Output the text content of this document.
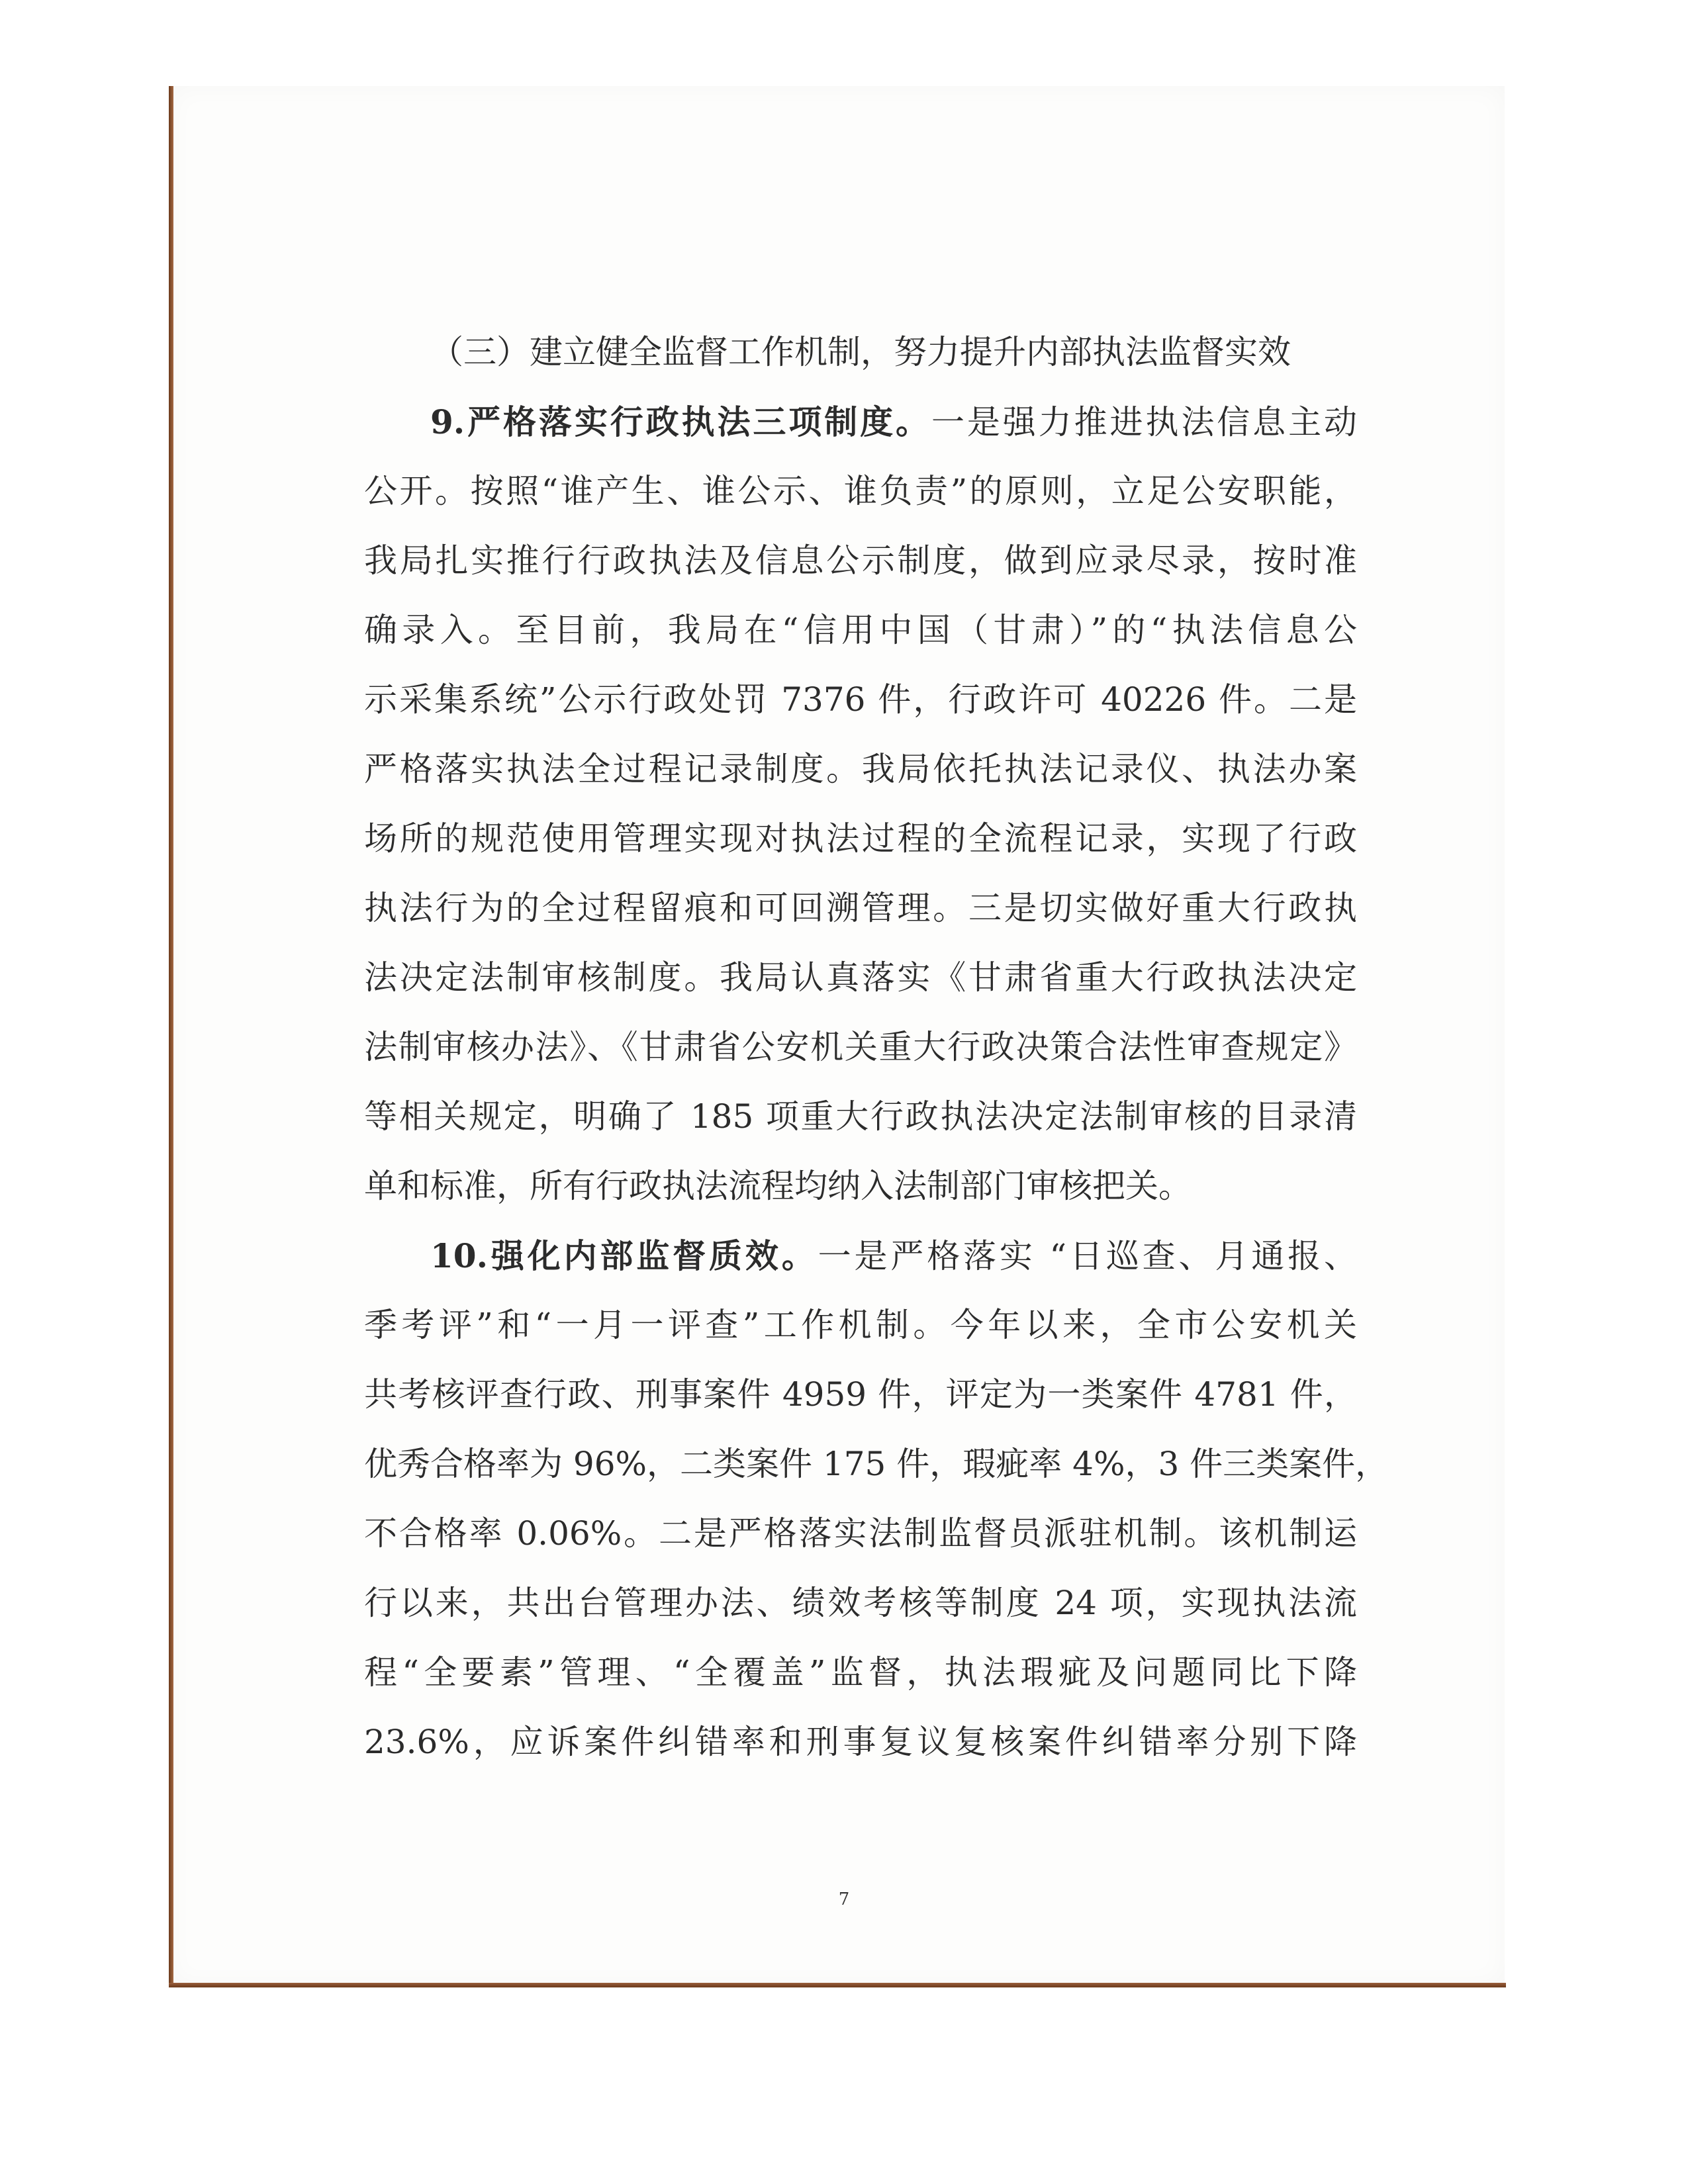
（三）建立健全监督工作机制，努力提升内部执法监督实效
9.严格落实行政执法三项制度。一是强力推进执法信息主动
公开。按照“谁产生、谁公示、谁负责”的原则，立足公安职能，
我局扎实推行行政执法及信息公示制度，做到应录尽录，按时准
确录入。至目前，我局在“信用中国（甘肃）”的“执法信息公
示采集系统”公示行政处罚 7376 件，行政许可 40226 件。二是
严格落实执法全过程记录制度。我局依托执法记录仪、执法办案
场所的规范使用管理实现对执法过程的全流程记录，实现了行政
执法行为的全过程留痕和可回溯管理。三是切实做好重大行政执
法决定法制审核制度。我局认真落实《甘肃省重大行政执法决定
法制审核办法》、《甘肃省公安机关重大行政决策合法性审查规定》
等相关规定，明确了 185 项重大行政执法决定法制审核的目录清
单和标准，所有行政执法流程均纳入法制部门审核把关。
10.强化内部监督质效。一是严格落实 “日巡查、月通报、
季考评”和“一月一评查”工作机制。今年以来，全市公安机关
共考核评查行政、刑事案件 4959 件，评定为一类案件 4781 件，
优秀合格率为 96%，二类案件 175 件，瑕疵率 4%，3 件三类案件，
不合格率 0.06%。二是严格落实法制监督员派驻机制。该机制运
行以来，共出台管理办法、绩效考核等制度 24 项，实现执法流
程“全要素”管理、“全覆盖”监督，执法瑕疵及问题同比下降
23.6%，应诉案件纠错率和刑事复议复核案件纠错率分别下降
7
